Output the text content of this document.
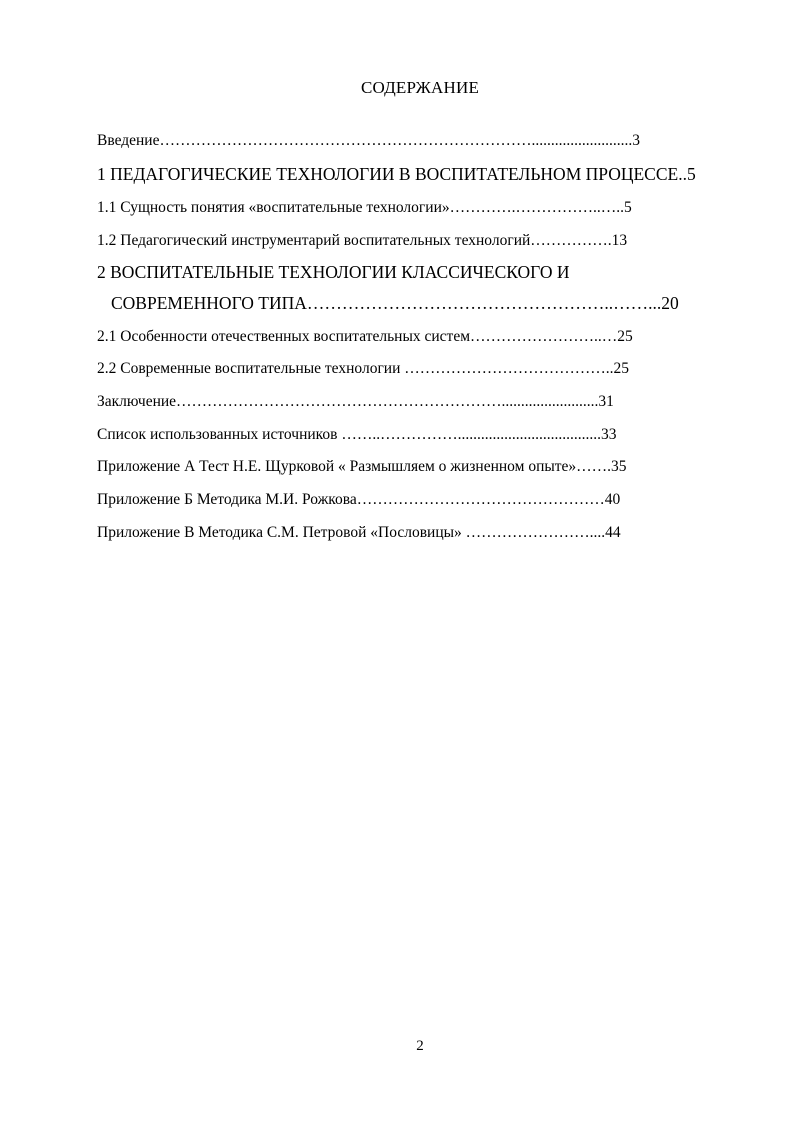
СОДЕРЖАНИЕ
Введение………………………………………………………………..........................3
1 ПЕДАГОГИЧЕСКИЕ ТЕХНОЛОГИИ В ВОСПИТАТЕЛЬНОМ ПРОЦЕССЕ..5
1.1 Сущность понятия «воспитательные технологии»………….……………..…..5
1.2 Педагогический инструментарий воспитательных технологий…………….13
2 ВОСПИТАТЕЛЬНЫЕ ТЕХНОЛОГИИ КЛАССИЧЕСКОГО И
СОВРЕМЕННОГО ТИПА……………………………………………..……...20
2.1 Особенности отечественных воспитательных систем……………………..…25
2.2 Современные воспитательные технологии …………………………………..25
Заключение……………………………………………………….........................31
Список использованных источников ……..…………….....................................33
Приложение А Тест Н.Е. Щурковой « Размышляем о жизненном опыте»…….35
Приложение Б Методика М.И. Рожкова…………………………………………40
Приложение В Методика С.М. Петровой «Пословицы» ……………………....44
2
